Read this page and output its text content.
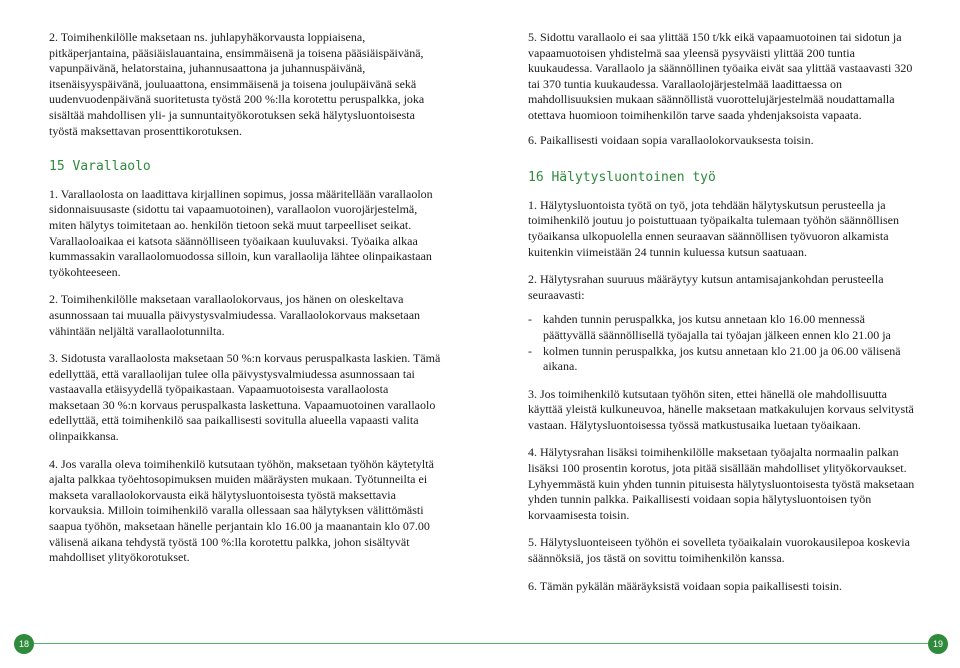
2. Toimihenkilölle maksetaan ns. juhlapyhäkorvausta loppiaisena, pitkäperjantaina, pääsiäislauantaina, ensimmäisenä ja toisena pääsiäispäivänä, vapunpäivänä, helatorstaina, juhannusaattona ja juhannuspäivänä, itsenäisyyspäivänä, jouluaattona, ensimmäisenä ja toisena joulupäivänä sekä uudenvuodenpäivänä suoritetusta työstä 200 %:lla korotettu peruspalkka, joka sisältää mahdollisen yli- ja sunnuntaityökorotuksen sekä hälytysluontoisesta työstä maksettavan prosenttikorotuksen.

15 Varallaolo

1. Varallaolosta on laadittava kirjallinen sopimus, jossa määritellään varallaolon sidonnaisuusaste (sidottu tai vapaamuotoinen), varallaolon vuorojärjestelmä, miten hälytys toimitetaan ao. henkilön tietoon sekä muut tarpeelliset seikat. Varallaoloaikaa ei katsota säännölliseen työaikaan kuuluvaksi. Työaika alkaa kummassakin varallaolomuodossa silloin, kun varallaolija lähtee olinpaikastaan työkohteeseen.

2. Toimihenkilölle maksetaan varallaolokorvaus, jos hänen on oleskeltava asunnossaan tai muualla päivystysvalmiudessa. Varallaolokorvaus maksetaan vähintään neljältä varallaolotunnilta.

3. Sidotusta varallaolosta maksetaan 50 %:n korvaus peruspalkasta laskien. Tämä edellyttää, että varallaolijan tulee olla päivystysvalmiudessa asunnossaan tai vastaavalla etäisyydellä työpaikastaan. Vapaamuotoisesta varallaolosta maksetaan 30 %:n korvaus peruspalkasta laskettuna. Vapaamuotoinen varallaolo edellyttää, että toimihenkilö saa paikallisesti sovitulla alueella vapaasti valita olinpaikkansa.

4. Jos varalla oleva toimihenkilö kutsutaan työhön, maksetaan työhön käytetyltä ajalta palkkaa työehtosopimuksen muiden määräysten mukaan. Työtunneilta ei makseta varallaolokorvausta eikä hälytysluontoisesta työstä maksettavia korvauksia. Milloin toimihenkilö varalla ollessaan saa hälytyksen välittömästi saapua työhön, maksetaan hänelle perjantain klo 16.00 ja maanantain klo 07.00 välisenä aikana tehdystä työstä 100 %:lla korotettu palkka, johon sisältyvät mahdolliset ylityökorotukset.

5. Sidottu varallaolo ei saa ylittää 150 t/kk eikä vapaamuotoinen tai sidotun ja vapaamuotoisen yhdistelmä saa yleensä pysyväisti ylittää 200 tuntia kuukaudessa. Varallaolo ja säännöllinen työaika eivät saa ylittää vastaavasti 320 tai 370 tuntia kuukaudessa. Varallaolojärjestelmää laadittaessa on mahdollisuuksien mukaan säännöllistä vuorottelujärjestelmää noudattamalla otettava huomioon toimihenkilön tarve saada yhdenjaksoista vapaata.

6. Paikallisesti voidaan sopia varallaolokorvauksesta toisin.

16 Hälytysluontoinen työ

1. Hälytysluontoista työtä on työ, jota tehdään hälytyskutsun perusteella ja toimihenkilö joutuu jo poistuttuaan työpaikalta tulemaan työhön säännöllisen työaikansa ulkopuolella ennen seuraavan säännöllisen työvuoron alkamista kuitenkin viimeistään 24 tunnin kuluessa kutsun saatuaan.

2. Hälytysrahan suuruus määräytyy kutsun antamisajankohdan perusteella seuraavasti:

- kahden tunnin peruspalkka, jos kutsu annetaan klo 16.00 mennessä päättyvällä säännöllisellä työajalla tai työajan jälkeen ennen klo 21.00 ja
- kolmen tunnin peruspalkka, jos kutsu annetaan klo 21.00 ja 06.00 välisenä aikana.

3. Jos toimihenkilö kutsutaan työhön siten, ettei hänellä ole mahdollisuutta käyttää yleistä kulkuneuvoa, hänelle maksetaan matkakulujen korvaus selvitystä vastaan. Hälytysluontoisessa työssä matkustusaika luetaan työaikaan.

4. Hälytysrahan lisäksi toimihenkilölle maksetaan työajalta normaalin palkan lisäksi 100 prosentin korotus, jota pitää sisällään mahdolliset ylityökorvaukset. Lyhyemmästä kuin yhden tunnin pituisesta hälytysluontoisesta työstä maksetaan yhden tunnin palkka. Paikallisesti voidaan sopia hälytysluontoisen työn korvaamisesta toisin.

5. Hälytysluonteiseen työhön ei sovelleta työaikalain vuorokausilepoa koskevia säännöksiä, jos tästä on sovittu toimihenkilön kanssa.

6. Tämän pykälän määräyksistä voidaan sopia paikallisesti toisin.

18	19
